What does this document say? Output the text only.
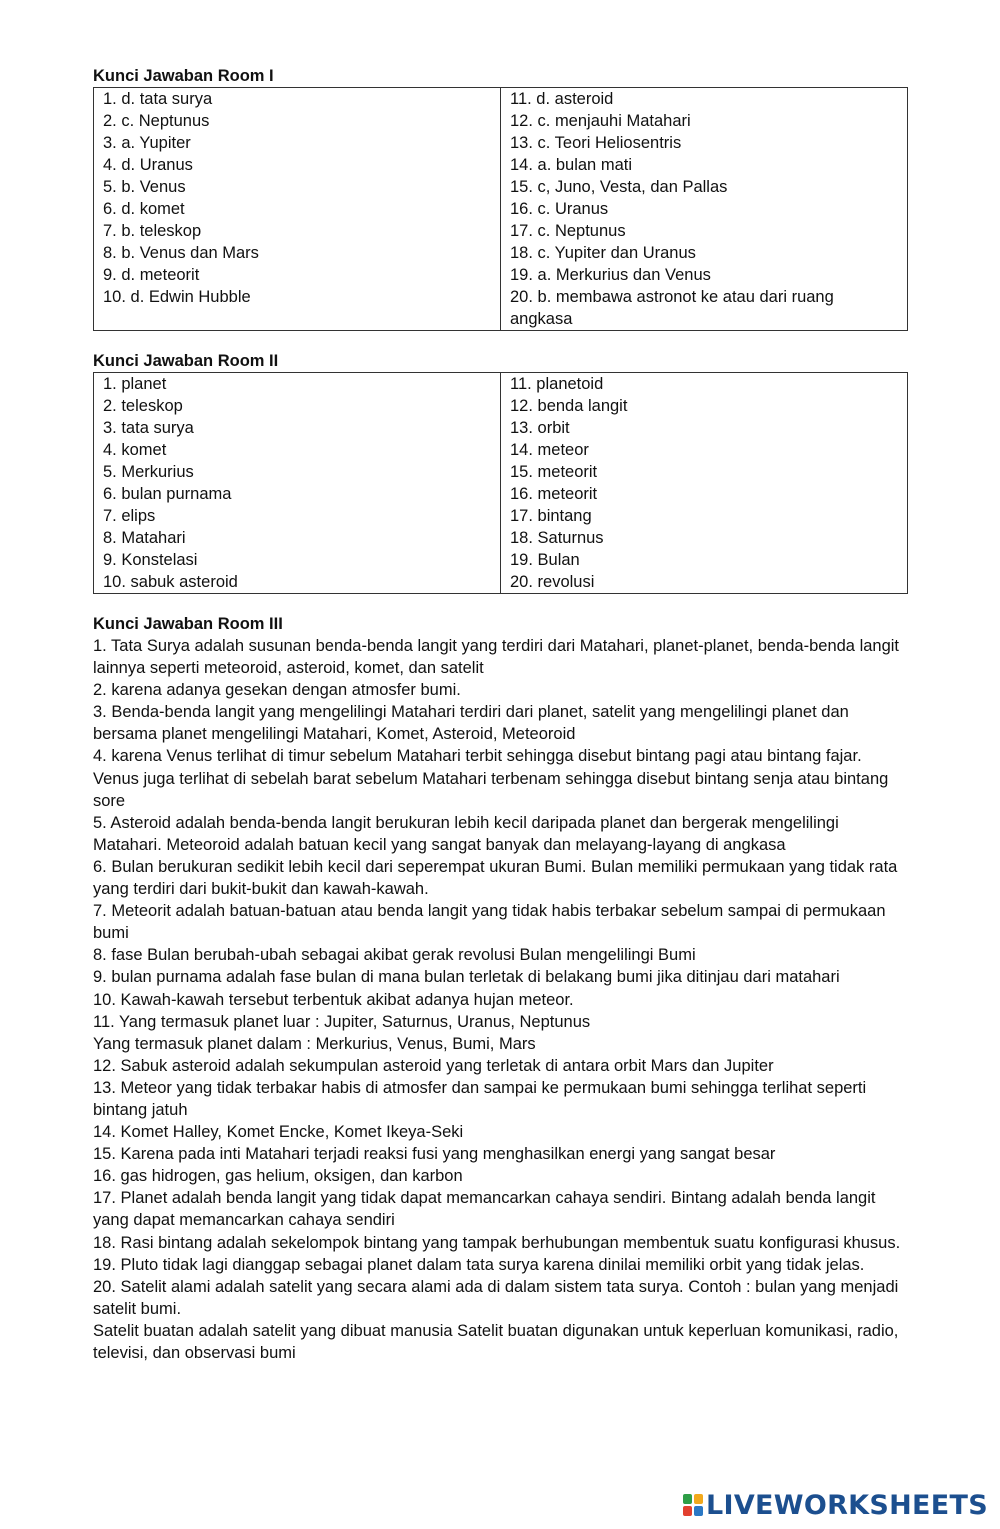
Kunci Jawaban Room I
1. d. tata surya
2. c. Neptunus
3. a. Yupiter
4. d. Uranus
5. b. Venus
6. d. komet
7. b. teleskop
8. b. Venus dan Mars
9. d. meteorit
10. d. Edwin Hubble

11. d. asteroid
12. c. menjauhi Matahari
13. c. Teori Heliosentris
14. a. bulan mati
15. c, Juno, Vesta, dan Pallas
16. c. Uranus
17. c. Neptunus
18. c. Yupiter dan Uranus
19. a. Merkurius dan Venus
20. b. membawa astronot ke atau dari ruang angkasa
Kunci Jawaban Room II
1. planet
2. teleskop
3. tata surya
4. komet
5. Merkurius
6. bulan purnama
7. elips
8. Matahari
9. Konstelasi
10. sabuk asteroid

11. planetoid
12. benda langit
13. orbit
14. meteor
15. meteorit
16. meteorit
17. bintang
18. Saturnus
19. Bulan
20. revolusi
Kunci Jawaban Room III

1. Tata Surya adalah susunan benda-benda langit yang terdiri dari Matahari, planet-planet, benda-benda langit lainnya seperti meteoroid, asteroid, komet, dan satelit

2. karena adanya gesekan dengan atmosfer bumi.

3. Benda-benda langit yang mengelilingi Matahari terdiri dari planet, satelit yang mengelilingi planet dan bersama planet mengelilingi Matahari, Komet, Asteroid, Meteoroid

4. karena Venus terlihat di timur sebelum Matahari terbit sehingga disebut bintang pagi atau bintang fajar. Venus juga terlihat di sebelah barat sebelum Matahari terbenam sehingga disebut bintang senja atau bintang sore

5. Asteroid adalah benda-benda langit berukuran lebih kecil daripada planet dan bergerak mengelilingi Matahari. Meteoroid adalah batuan kecil yang sangat banyak dan melayang-layang di angkasa

6. Bulan berukuran sedikit lebih kecil dari seperempat ukuran Bumi. Bulan memiliki permukaan yang tidak rata yang terdiri dari bukit-bukit dan kawah-kawah.

7. Meteorit adalah batuan-batuan atau benda langit yang tidak habis terbakar sebelum sampai di permukaan bumi

8. fase Bulan berubah-ubah sebagai akibat gerak revolusi Bulan mengelilingi Bumi

9. bulan purnama adalah fase bulan di mana bulan terletak di belakang bumi jika ditinjau dari matahari

10. Kawah-kawah tersebut terbentuk akibat adanya hujan meteor.

11. Yang termasuk planet luar : Jupiter, Saturnus, Uranus, Neptunus

Yang termasuk planet dalam : Merkurius, Venus, Bumi, Mars

12. Sabuk asteroid adalah sekumpulan asteroid yang terletak di antara orbit Mars dan Jupiter

13. Meteor yang tidak terbakar habis di atmosfer dan sampai ke permukaan bumi sehingga terlihat seperti bintang jatuh

14. Komet Halley, Komet Encke, Komet Ikeya-Seki

15. Karena pada inti Matahari terjadi reaksi fusi yang menghasilkan energi yang sangat besar

16. gas hidrogen, gas helium, oksigen, dan karbon

17. Planet adalah benda langit yang tidak dapat memancarkan cahaya sendiri. Bintang adalah benda langit yang dapat memancarkan cahaya sendiri

18. Rasi bintang adalah sekelompok bintang yang tampak berhubungan membentuk suatu konfigurasi khusus.

19. Pluto tidak lagi dianggap sebagai planet dalam tata surya karena dinilai memiliki orbit yang tidak jelas.

20. Satelit alami adalah satelit yang secara alami ada di dalam sistem tata surya. Contoh : bulan yang menjadi satelit bumi.

Satelit buatan adalah satelit yang dibuat manusia Satelit buatan digunakan untuk keperluan komunikasi, radio, televisi, dan observasi bumi

LIVEWORKSHEETS
